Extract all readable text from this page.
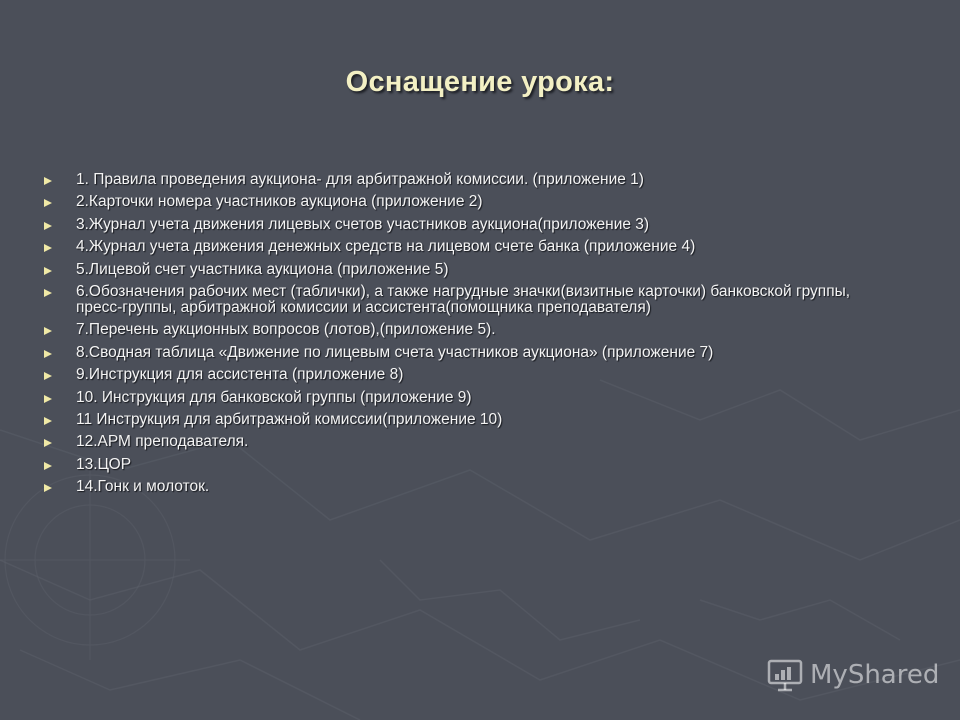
Оснащение урока:
1. Правила проведения аукциона- для арбитражной комиссии. (приложение 1)
2.Карточки номера участников аукциона (приложение 2)
3.Журнал учета движения лицевых счетов участников аукциона(приложение 3)
4.Журнал учета движения денежных средств на лицевом счете банка (приложение 4)
5.Лицевой счет участника аукциона (приложение 5)
6.Обозначения рабочих мест (таблички), а также нагрудные значки(визитные карточки) банковской группы, пресс-группы, арбитражной комиссии и ассистента(помощника преподавателя)
7.Перечень аукционных вопросов (лотов),(приложение 5).
8.Сводная таблица «Движение по лицевым счета участников аукциона» (приложение 7)
9.Инструкция для ассистента (приложение 8)
10. Инструкция для банковской группы (приложение 9)
11 Инструкция для арбитражной комиссии(приложение 10)
12.АРМ преподавателя.
13.ЦОР
14.Гонк и молоток.
MyShared
